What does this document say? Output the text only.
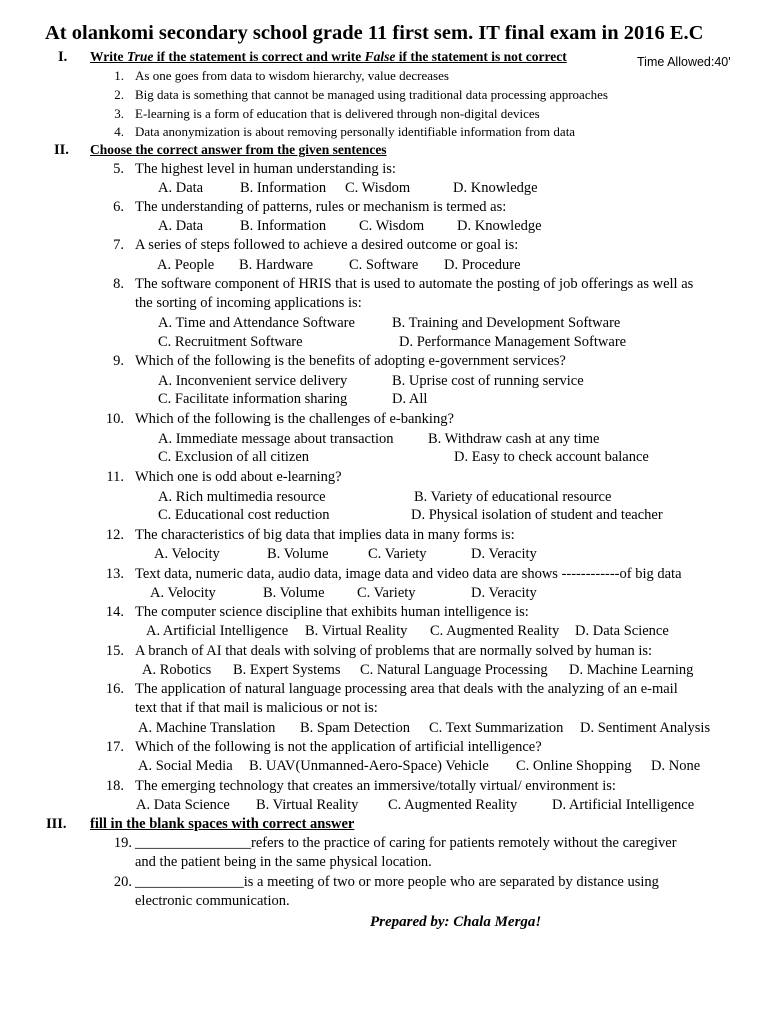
At olankomi secondary school grade 11 first sem. IT final exam in 2016 E.C
Time Allowed:40'
I. Write True if the statement is correct and write False if the statement is not correct
1. As one goes from data to wisdom hierarchy, value decreases
2. Big data is something that cannot be managed using traditional data processing approaches
3. E-learning is a form of education that is delivered through non-digital devices
4. Data anonymization is about removing personally identifiable information from data
II. Choose the correct answer from the given sentences
5. The highest level in human understanding is:
A. Data	B. Information C. Wisdom	D. Knowledge
6. The understanding of patterns, rules or mechanism is termed as:
A. Data	B. Information C. Wisdom D. Knowledge
7. A series of steps followed to achieve a desired outcome or goal is:
A. People B. Hardware C. Software D. Procedure
8. The software component of HRIS that is used to automate the posting of job offerings as well as
the sorting of incoming applications is:
A. Time and Attendance Software	B. Training and Development Software
C. Recruitment Software	D. Performance Management Software
9. Which of the following is the benefits of adopting e-government services?
A. Inconvenient service delivery	B. Uprise cost of running service
C. Facilitate information sharing	D. All
10. Which of the following is the challenges of e-banking?
A. Immediate message about transaction B. Withdraw cash at any time
C. Exclusion of all citizen	D. Easy to check account balance
11. Which one is odd about e-learning?
A. Rich multimedia resource	B. Variety of educational resource
C. Educational cost reduction	D. Physical isolation of student and teacher
12. The characteristics of big data that implies data in many forms is:
A. Velocity	B. Volume	C. Variety	D. Veracity
13. Text data, numeric data, audio data, image data and video data are shows ------------of big data
A. Velocity	B. Volume C. Variety	D. Veracity
14. The computer science discipline that exhibits human intelligence is:
A. Artificial Intelligence B. Virtual Reality C. Augmented Reality D. Data Science
15. A branch of AI that deals with solving of problems that are normally solved by human is:
A. Robotics B. Expert Systems C. Natural Language Processing D. Machine Learning
16. The application of natural language processing area that deals with the analyzing of an e-mail
text that if that mail is malicious or not is:
A. Machine Translation B. Spam Detection C. Text Summarization D. Sentiment Analysis
17. Which of the following is not the application of artificial intelligence?
A. Social Media B. UAV(Unmanned-Aero-Space) Vehicle C. Online Shopping D. None
18. The emerging technology that creates an immersive/totally virtual/ environment is:
A. Data Science B. Virtual Reality C. Augmented Reality D. Artificial Intelligence
III. fill in the blank spaces with correct answer
19. ________________refers to the practice of caring for patients remotely without the caregiver
and the patient being in the same physical location.
20. _______________is a meeting of two or more people who are separated by distance using
electronic communication.
Prepared by: Chala Merga!
